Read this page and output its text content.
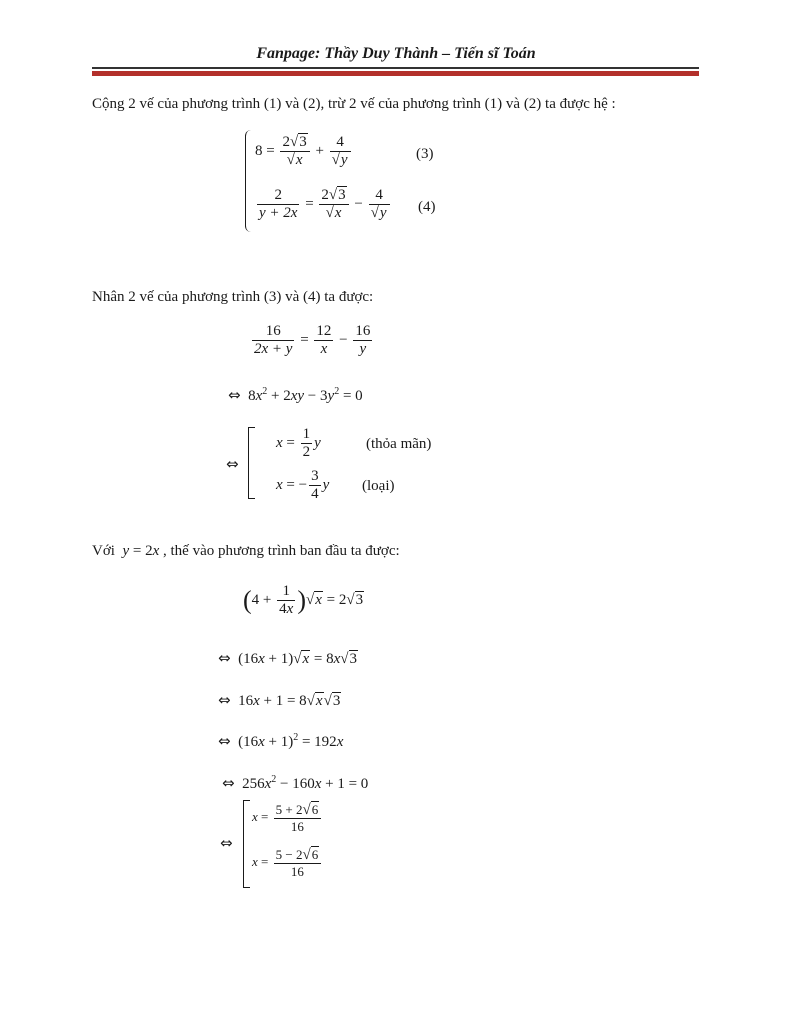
Fanpage: Thầy Duy Thành – Tiến sĩ Toán
Cộng 2 vế của phương trình (1) và (2), trừ 2 vế của phương trình (1) và (2) ta được hệ :
$8 = \frac{2√3}{√x} + \frac{4}{√y}$	(3)
$\frac{2}{y + 2x} = \frac{2√3}{√x} - \frac{4}{√y} (4)$
Nhân 2 vế của phương trình (3) và (4) ta được:
$\frac{16}{2x + y} = \frac{12}{x} - \frac{16}{y}$
⇔  $8x^2 + 2xy - 3y^2 = 0$
⇔
$x = \frac{1}{2}$ y	(thỏa mãn)
x = − $\frac{3}{4}$ y (loại)
Với y = 2x , thế vào phương trình ban đầu ta được:
$(4 + \frac{1}{4x} )√x = 2√3$
⇔  (16x + 1)√x = 8x√3
⇔  16x + 1 = 8√x√3
⇔  $(16x + 1)^2 = 192x$
⇔  $256x^2 - 160x + 1 = 0$
⇔
$x = \frac{5 + 2√6}{16}$
$x = \frac{5 - 2√6}{16}$
